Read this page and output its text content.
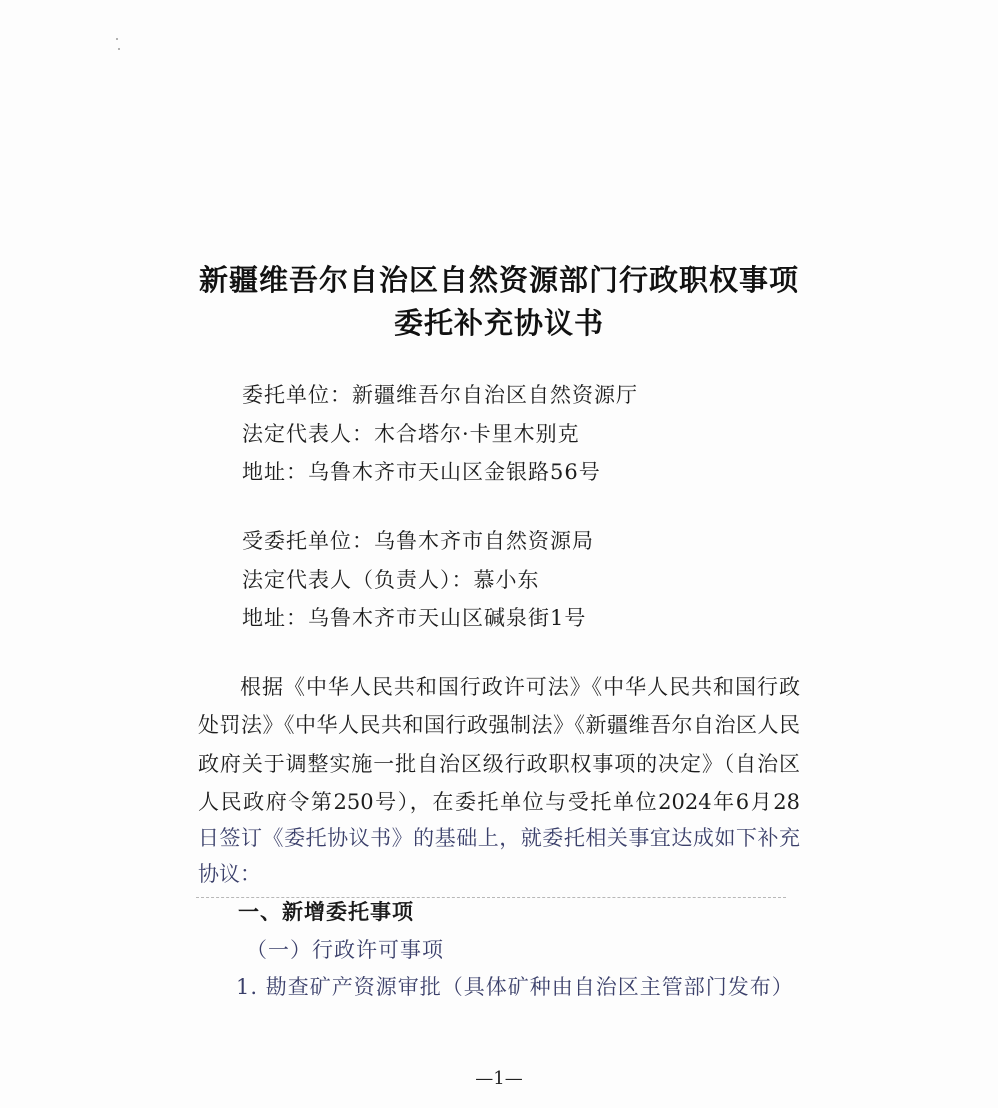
新疆维吾尔自治区自然资源部门行政职权事项
委托补充协议书
委托单位：新疆维吾尔自治区自然资源厅
法定代表人：木合塔尔·卡里木别克
地址：乌鲁木齐市天山区金银路56号
受委托单位：乌鲁木齐市自然资源局
法定代表人（负责人）：慕小东
地址：乌鲁木齐市天山区碱泉街1号
根据《中华人民共和国行政许可法》《中华人民共和国行政
处罚法》《中华人民共和国行政强制法》《新疆维吾尔自治区人民
政府关于调整实施一批自治区级行政职权事项的决定》（自治区
人民政府令第250号），在委托单位与受托单位2024年6月28
日签订《委托协议书》的基础上，就委托相关事宜达成如下补充
协议：
一、新增委托事项
（一）行政许可事项
1. 勘查矿产资源审批（具体矿种由自治区主管部门发布）
—1—
